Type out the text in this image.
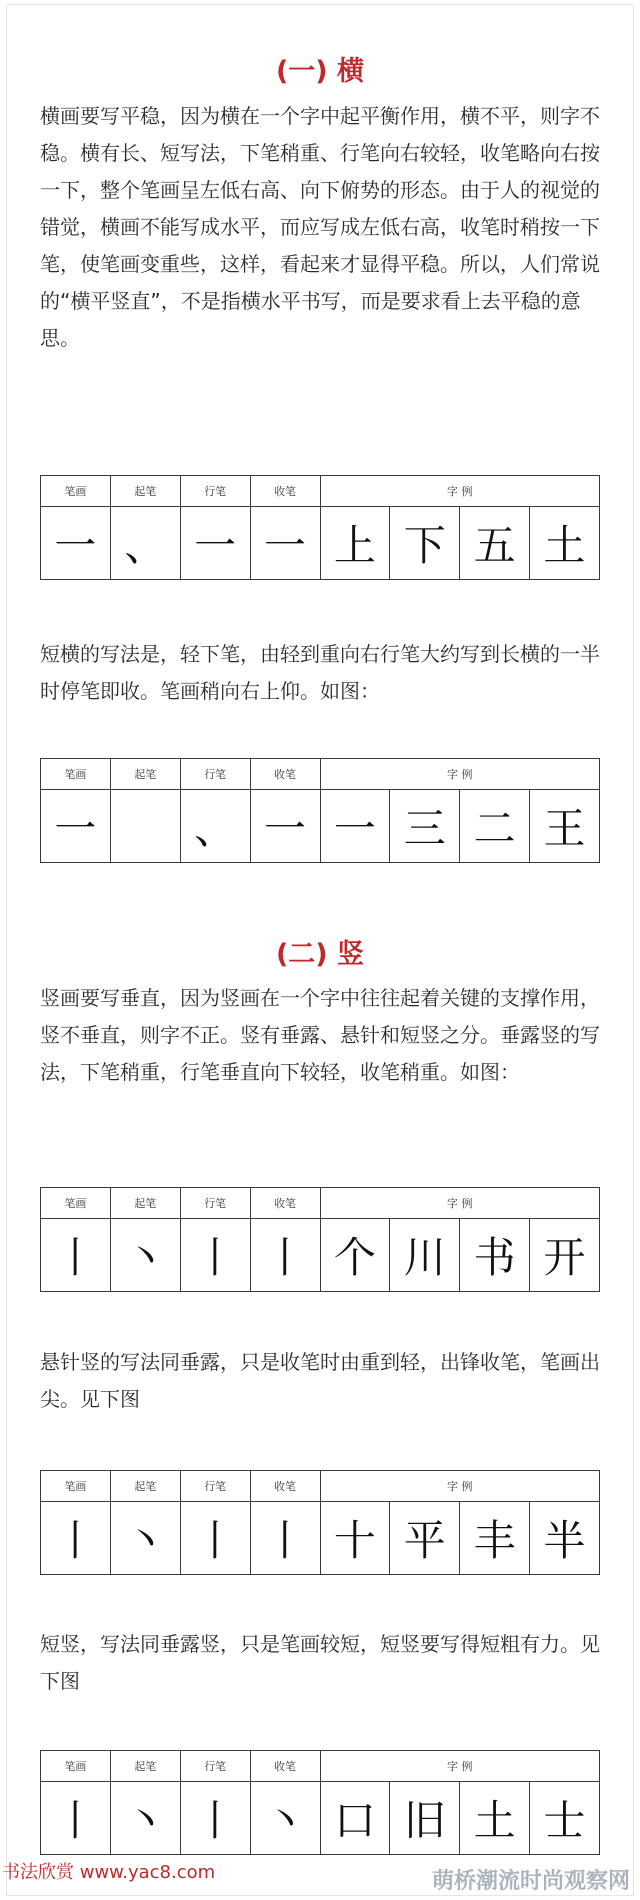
(一) 横
横画要写平稳，因为横在一个字中起平衡作用，横不平，则字不稳。横有长、短写法，下笔稍重、行笔向右较轻，收笔略向右按一下，整个笔画呈左低右高、向下俯势的形态。由于人的视觉的错觉，横画不能写成水平，而应写成左低右高，收笔时稍按一下笔，使笔画变重些，这样，看起来才显得平稳。所以，人们常说的“横平竖直”，不是指横水平书写，而是要求看上去平稳的意思。
笔画	起笔	行笔	收笔	字 例			
一	、	一	一	上	下	五	土
短横的写法是，轻下笔，由轻到重向右行笔大约写到长横的一半时停笔即收。笔画稍向右上仰。如图：
笔画	起笔	行笔	收笔	字 例			
一		、	一	一	三	二	王
(二) 竖
竖画要写垂直，因为竖画在一个字中往往起着关键的支撑作用，竖不垂直，则字不正。竖有垂露、悬针和短竖之分。垂露竖的写法，下笔稍重，行笔垂直向下较轻，收笔稍重。如图：
笔画	起笔	行笔	收笔	字 例			
丨	丶	丨	丨	个	川	书	开
悬针竖的写法同垂露，只是收笔时由重到轻，出锋收笔，笔画出尖。见下图
笔画	起笔	行笔	收笔	字 例			
丨	丶	丨	丨	十	平	丰	半
短竖，写法同垂露竖，只是笔画较短，短竖要写得短粗有力。见下图
笔画	起笔	行笔	收笔	字 例			
丨	丶	丨	丶	口	旧	土	士
书法欣赏 www.yac8.com	萌桥潮流时尚观察网
